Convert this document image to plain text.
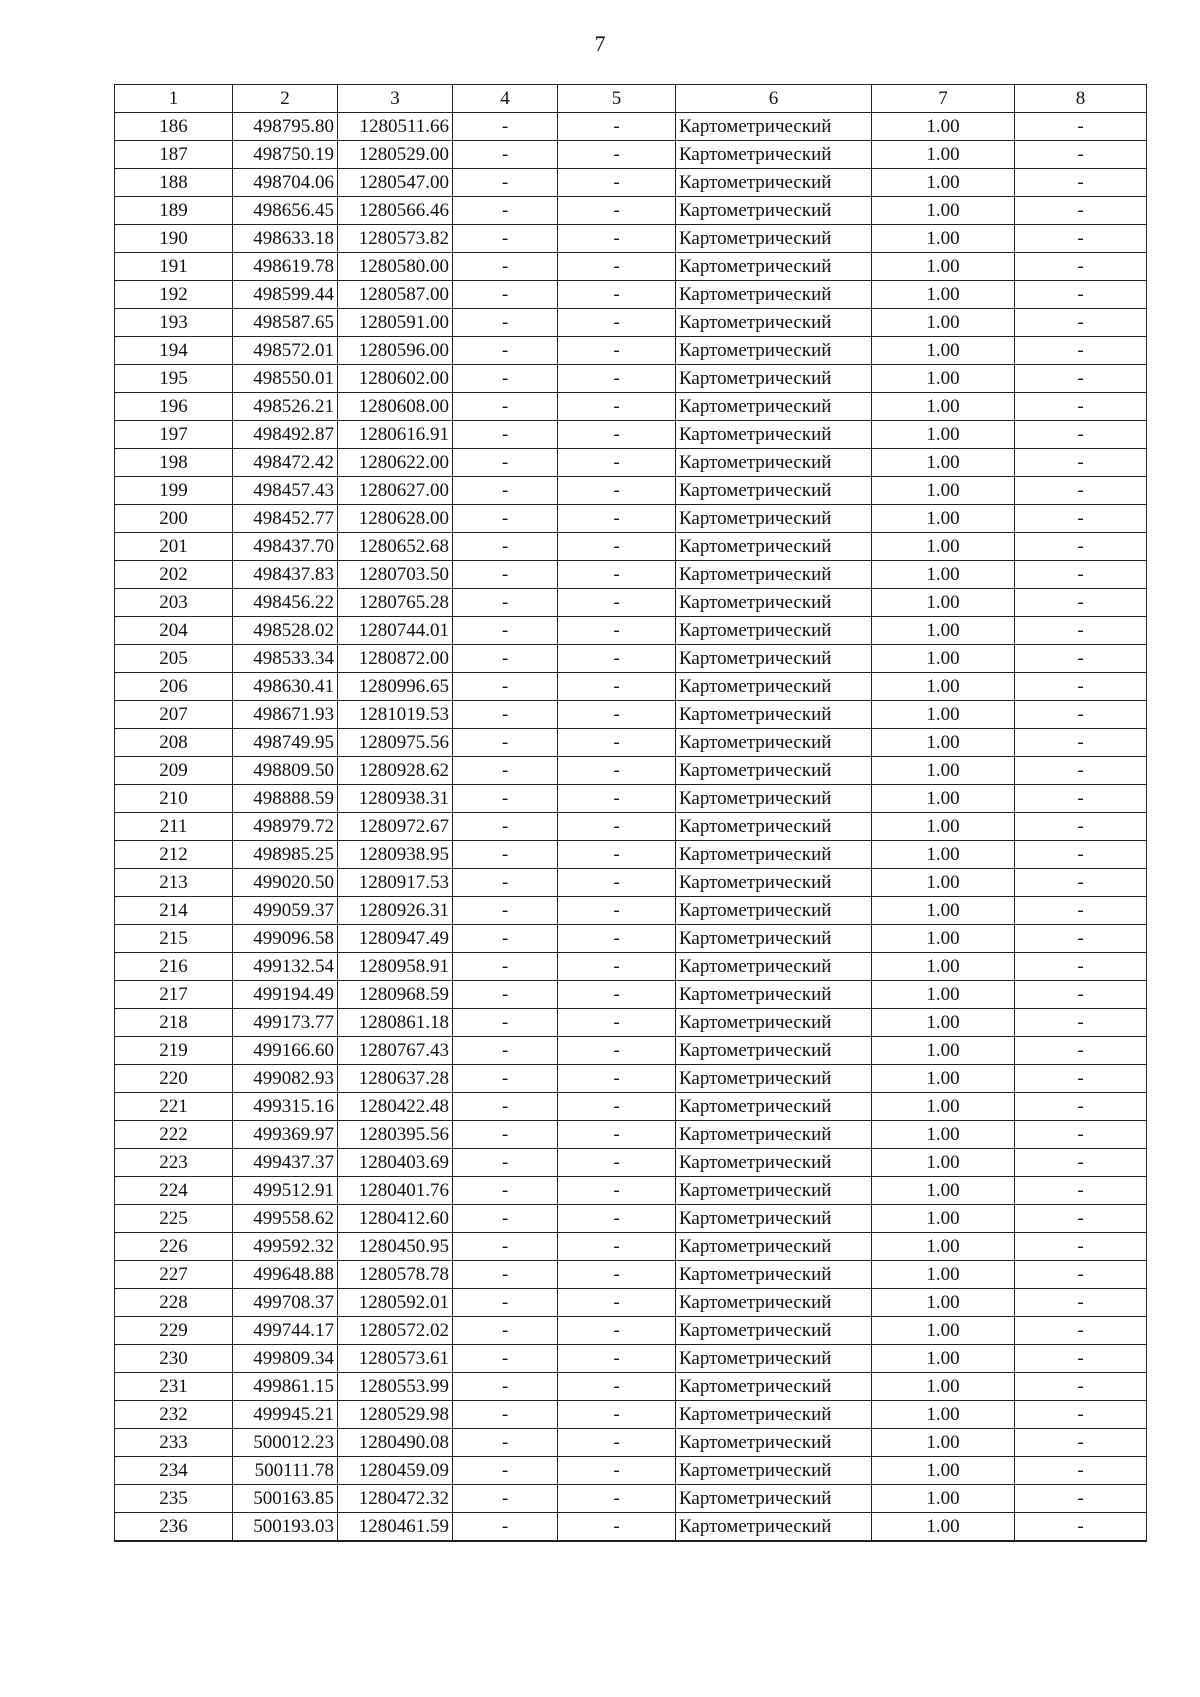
7
1	2	3	4	5	6	7	8
186	498795.80	1280511.66	-	-	Картометрический	1.00	-
187	498750.19	1280529.00	-	-	Картометрический	1.00	-
188	498704.06	1280547.00	-	-	Картометрический	1.00	-
189	498656.45	1280566.46	-	-	Картометрический	1.00	-
190	498633.18	1280573.82	-	-	Картометрический	1.00	-
191	498619.78	1280580.00	-	-	Картометрический	1.00	-
192	498599.44	1280587.00	-	-	Картометрический	1.00	-
193	498587.65	1280591.00	-	-	Картометрический	1.00	-
194	498572.01	1280596.00	-	-	Картометрический	1.00	-
195	498550.01	1280602.00	-	-	Картометрический	1.00	-
196	498526.21	1280608.00	-	-	Картометрический	1.00	-
197	498492.87	1280616.91	-	-	Картометрический	1.00	-
198	498472.42	1280622.00	-	-	Картометрический	1.00	-
199	498457.43	1280627.00	-	-	Картометрический	1.00	-
200	498452.77	1280628.00	-	-	Картометрический	1.00	-
201	498437.70	1280652.68	-	-	Картометрический	1.00	-
202	498437.83	1280703.50	-	-	Картометрический	1.00	-
203	498456.22	1280765.28	-	-	Картометрический	1.00	-
204	498528.02	1280744.01	-	-	Картометрический	1.00	-
205	498533.34	1280872.00	-	-	Картометрический	1.00	-
206	498630.41	1280996.65	-	-	Картометрический	1.00	-
207	498671.93	1281019.53	-	-	Картометрический	1.00	-
208	498749.95	1280975.56	-	-	Картометрический	1.00	-
209	498809.50	1280928.62	-	-	Картометрический	1.00	-
210	498888.59	1280938.31	-	-	Картометрический	1.00	-
211	498979.72	1280972.67	-	-	Картометрический	1.00	-
212	498985.25	1280938.95	-	-	Картометрический	1.00	-
213	499020.50	1280917.53	-	-	Картометрический	1.00	-
214	499059.37	1280926.31	-	-	Картометрический	1.00	-
215	499096.58	1280947.49	-	-	Картометрический	1.00	-
216	499132.54	1280958.91	-	-	Картометрический	1.00	-
217	499194.49	1280968.59	-	-	Картометрический	1.00	-
218	499173.77	1280861.18	-	-	Картометрический	1.00	-
219	499166.60	1280767.43	-	-	Картометрический	1.00	-
220	499082.93	1280637.28	-	-	Картометрический	1.00	-
221	499315.16	1280422.48	-	-	Картометрический	1.00	-
222	499369.97	1280395.56	-	-	Картометрический	1.00	-
223	499437.37	1280403.69	-	-	Картометрический	1.00	-
224	499512.91	1280401.76	-	-	Картометрический	1.00	-
225	499558.62	1280412.60	-	-	Картометрический	1.00	-
226	499592.32	1280450.95	-	-	Картометрический	1.00	-
227	499648.88	1280578.78	-	-	Картометрический	1.00	-
228	499708.37	1280592.01	-	-	Картометрический	1.00	-
229	499744.17	1280572.02	-	-	Картометрический	1.00	-
230	499809.34	1280573.61	-	-	Картометрический	1.00	-
231	499861.15	1280553.99	-	-	Картометрический	1.00	-
232	499945.21	1280529.98	-	-	Картометрический	1.00	-
233	500012.23	1280490.08	-	-	Картометрический	1.00	-
234	500111.78	1280459.09	-	-	Картометрический	1.00	-
235	500163.85	1280472.32	-	-	Картометрический	1.00	-
236	500193.03	1280461.59	-	-	Картометрический	1.00	-
